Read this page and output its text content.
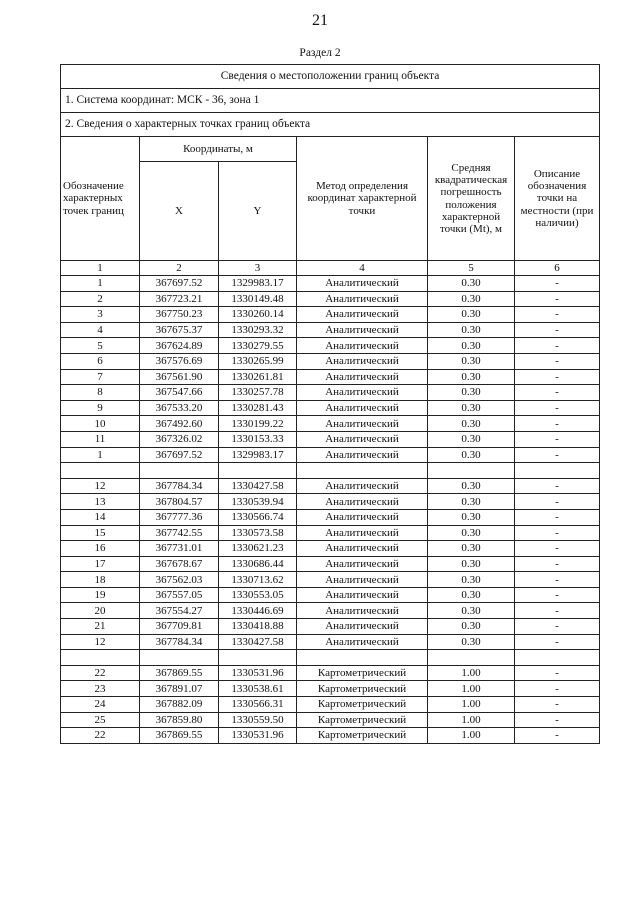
21
Раздел 2
Сведения о местоположении границ объекта					
1. Система координат: МСК - 36, зона 1					
2. Сведения о характерных точках границ объекта					
Обозначение характерных точек границ	Координаты, м		Метод определения координат характерной точки	Средняя квадратическая погрешность положения характерной точки (Mt), м	Описание обозначения точки на местности (при наличии)
	X	Y			
1	2	3	4	5	6
1	367697.52	1329983.17	Аналитический	0.30	-
2	367723.21	1330149.48	Аналитический	0.30	-
3	367750.23	1330260.14	Аналитический	0.30	-
4	367675.37	1330293.32	Аналитический	0.30	-
5	367624.89	1330279.55	Аналитический	0.30	-
6	367576.69	1330265.99	Аналитический	0.30	-
7	367561.90	1330261.81	Аналитический	0.30	-
8	367547.66	1330257.78	Аналитический	0.30	-
9	367533.20	1330281.43	Аналитический	0.30	-
10	367492.60	1330199.22	Аналитический	0.30	-
11	367326.02	1330153.33	Аналитический	0.30	-
1	367697.52	1329983.17	Аналитический	0.30	-

12	367784.34	1330427.58	Аналитический	0.30	-
13	367804.57	1330539.94	Аналитический	0.30	-
14	367777.36	1330566.74	Аналитический	0.30	-
15	367742.55	1330573.58	Аналитический	0.30	-
16	367731.01	1330621.23	Аналитический	0.30	-
17	367678.67	1330686.44	Аналитический	0.30	-
18	367562.03	1330713.62	Аналитический	0.30	-
19	367557.05	1330553.05	Аналитический	0.30	-
20	367554.27	1330446.69	Аналитический	0.30	-
21	367709.81	1330418.88	Аналитический	0.30	-
12	367784.34	1330427.58	Аналитический	0.30	-

22	367869.55	1330531.96	Картометрический	1.00	-
23	367891.07	1330538.61	Картометрический	1.00	-
24	367882.09	1330566.31	Картометрический	1.00	-
25	367859.80	1330559.50	Картометрический	1.00	-
22	367869.55	1330531.96	Картометрический	1.00	-
